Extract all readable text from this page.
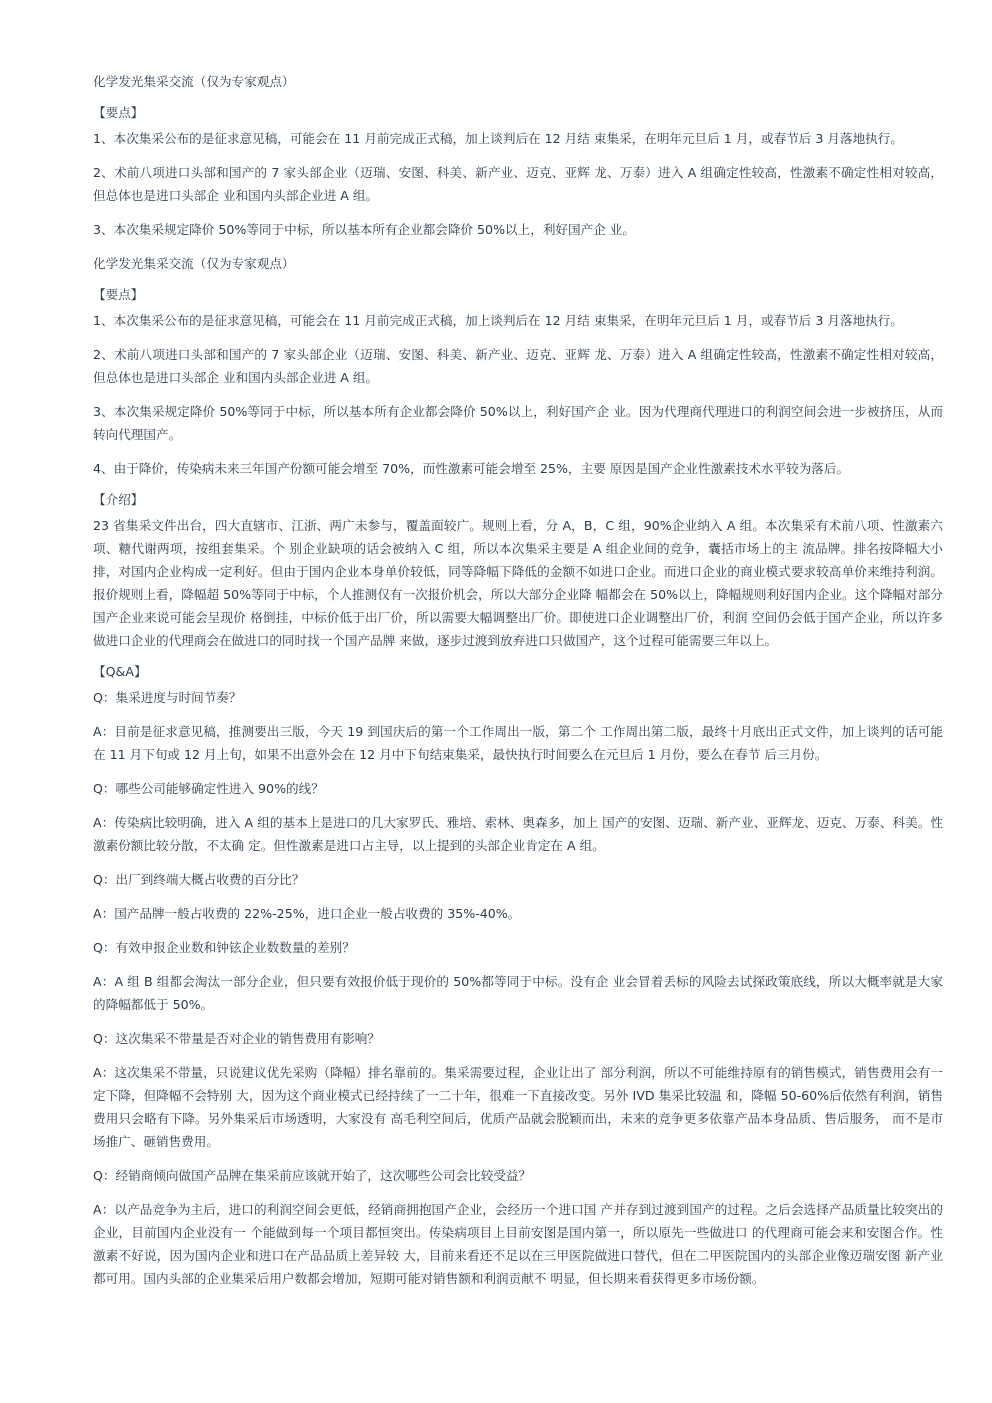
化学发光集采交流（仅为专家观点）

【要点】

1、本次集采公布的是征求意见稿，可能会在 11 月前完成正式稿，加上谈判后在 12 月结 束集采，在明年元旦后 1 月，或春节后 3 月落地执行。

2、术前八项进口头部和国产的 7 家头部企业（迈瑞、安图、科美、新产业、迈克、亚辉 龙、万泰）进入 A 组确定性较高，性激素不确定性相对较高，但总体也是进口头部企 业和国内头部企业进 A 组。

3、本次集采规定降价 50%等同于中标，所以基本所有企业都会降价 50%以上，利好国产企 业。

化学发光集采交流（仅为专家观点）

【要点】

1、本次集采公布的是征求意见稿，可能会在 11 月前完成正式稿，加上谈判后在 12 月结 束集采，在明年元旦后 1 月，或春节后 3 月落地执行。

2、术前八项进口头部和国产的 7 家头部企业（迈瑞、安图、科美、新产业、迈克、亚辉 龙、万泰）进入 A 组确定性较高，性激素不确定性相对较高，但总体也是进口头部企 业和国内头部企业进 A 组。

3、本次集采规定降价 50%等同于中标，所以基本所有企业都会降价 50%以上，利好国产企 业。因为代理商代理进口的利润空间会进一步被挤压，从而转向代理国产。

4、由于降价，传染病未来三年国产份额可能会增至 70%，而性激素可能会增至 25%，主要 原因是国产企业性激素技术水平较为落后。

【介绍】

23 省集采文件出台，四大直辖市、江浙、两广未参与，覆盖面较广。规则上看，分 A，B，C 组，90%企业纳入 A 组。本次集采有术前八项、性激素六项、糖代谢两项，按组套集采。个 别企业缺项的话会被纳入 C 组，所以本次集采主要是 A 组企业间的竞争，囊括市场上的主 流品牌。排名按降幅大小排，对国内企业构成一定利好。但由于国内企业本身单价较低，同等降幅下降低的金额不如进口企业。而进口企业的商业模式要求较高单价来维持利润。报价规则上看，降幅超 50%等同于中标，个人推测仅有一次报价机会，所以大部分企业降 幅都会在 50%以上，降幅规则利好国内企业。这个降幅对部分国产企业来说可能会呈现价 格倒挂，中标价低于出厂价，所以需要大幅调整出厂价。即使进口企业调整出厂价，利润 空间仍会低于国产企业，所以许多做进口企业的代理商会在做进口的同时找一个国产品牌 来做，逐步过渡到放弃进口只做国产，这个过程可能需要三年以上。

【Q&A】

Q：集采进度与时间节奏？

A：目前是征求意见稿，推测要出三版，今天 19 到国庆后的第一个工作周出一版，第二个 工作周出第二版，最终十月底出正式文件，加上谈判的话可能在 11 月下旬或 12 月上旬，如果不出意外会在 12 月中下旬结束集采，最快执行时间要么在元旦后 1 月份，要么在春节 后三月份。

Q：哪些公司能够确定性进入 90%的线？

A：传染病比较明确，进入 A 组的基本上是进口的几大家罗氏、雅培、索林、奥森多，加上 国产的安图、迈瑞、新产业、亚辉龙、迈克、万泰、科美。性激素份额比较分散，不太确 定。但性激素是进口占主导，以上提到的头部企业肯定在 A 组。

Q：出厂到终端大概占收费的百分比？

A：国产品牌一般占收费的 22%-25%，进口企业一般占收费的 35%-40%。

Q：有效申报企业数和钟铉企业数数量的差别？

A：A 组 B 组都会淘汰一部分企业，但只要有效报价低于现价的 50%都等同于中标。没有企 业会冒着丢标的风险去试探政策底线，所以大概率就是大家的降幅都低于 50%。

Q：这次集采不带量是否对企业的销售费用有影响？

A：这次集采不带量，只说建议优先采购（降幅）排名靠前的。集采需要过程，企业让出了 部分利润，所以不可能维持原有的销售模式，销售费用会有一定下降，但降幅不会特别 大，因为这个商业模式已经持续了一二十年，很难一下直接改变。另外 IVD 集采比较温 和，降幅 50-60%后依然有利润，销售费用只会略有下降。另外集采后市场透明，大家没有 高毛利空间后，优质产品就会脱颖而出，未来的竞争更多依靠产品本身品质、售后服务， 而不是市场推广、砸销售费用。

Q：经销商倾向做国产品牌在集采前应该就开始了，这次哪些公司会比较受益？

A：以产品竞争为主后，进口的利润空间会更低，经销商拥抱国产企业，会经历一个进口国 产并存到过渡到国产的过程。之后会选择产品质量比较突出的企业，目前国内企业没有一 个能做到每一个项目都恒突出。传染病项目上目前安图是国内第一，所以原先一些做进口 的代理商可能会来和安图合作。性激素不好说，因为国内企业和进口在产品品质上差异较 大，目前来看还不足以在三甲医院做进口替代，但在二甲医院国内的头部企业像迈瑞安图 新产业都可用。国内头部的企业集采后用户数都会增加，短期可能对销售额和利润贡献不 明显，但长期来看获得更多市场份额。
